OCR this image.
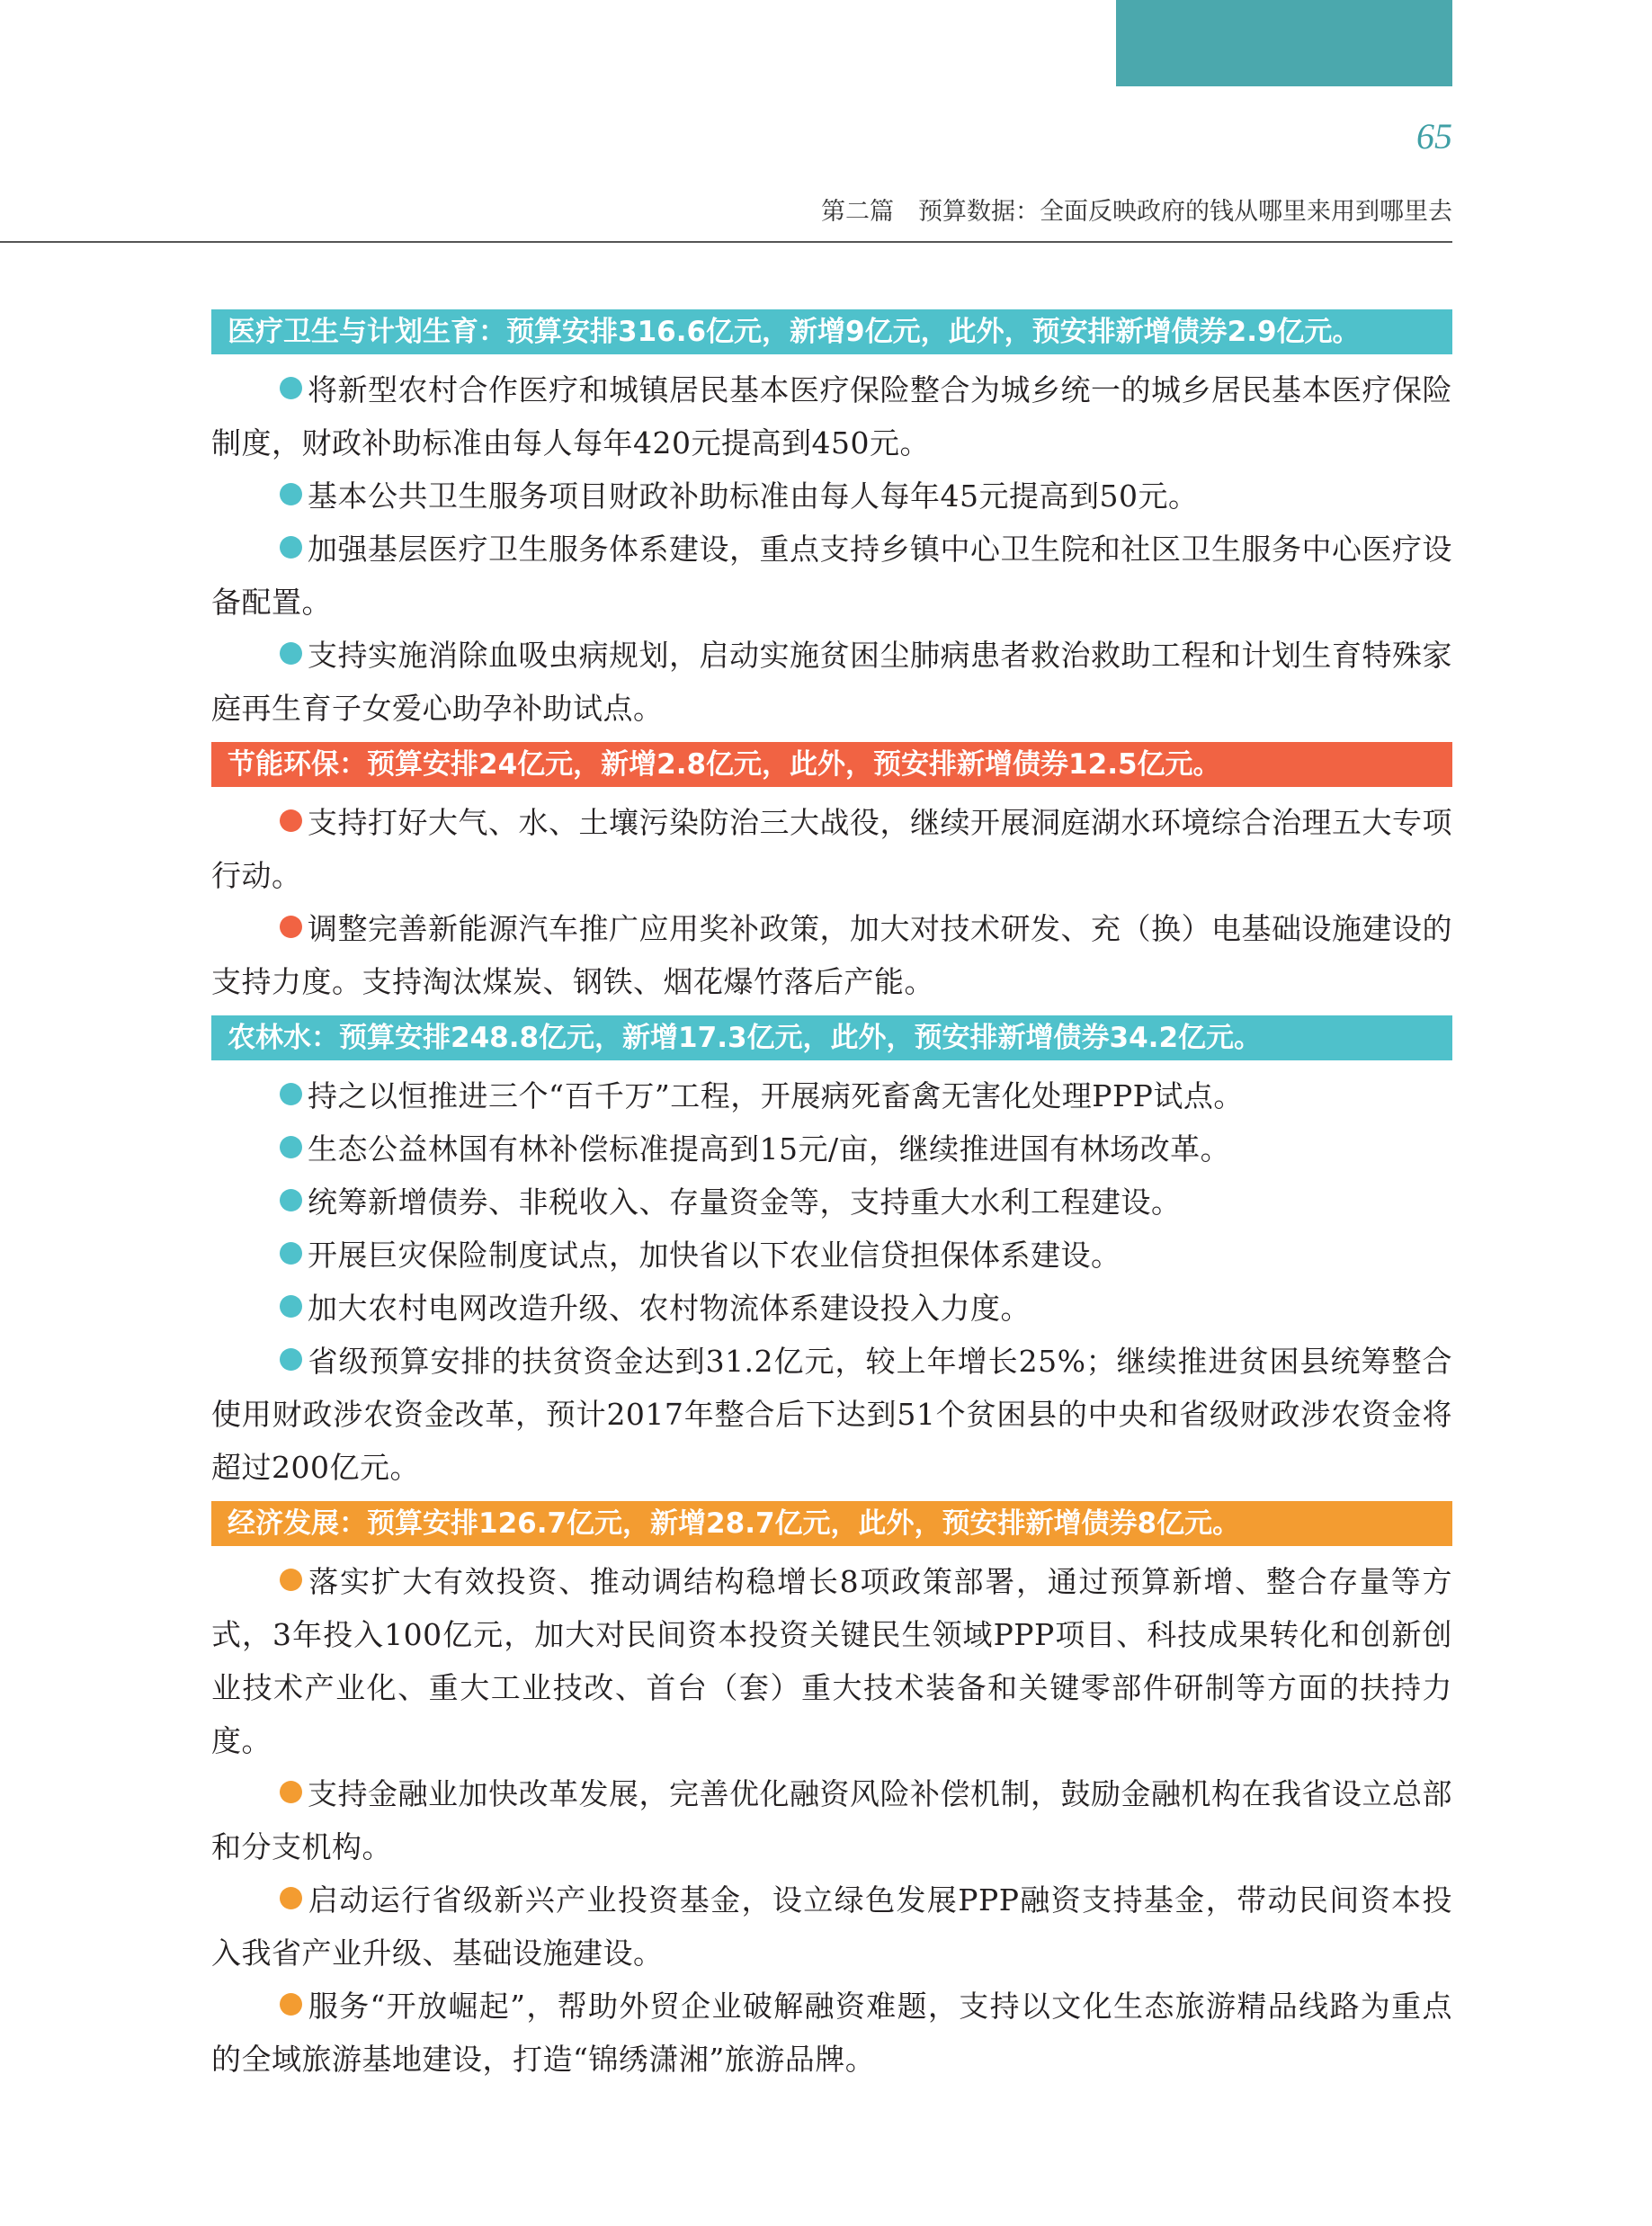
65
第二篇　预算数据：全面反映政府的钱从哪里来用到哪里去
医疗卫生与计划生育：预算安排316.6亿元，新增9亿元，此外，预安排新增债券2.9亿元。

将新型农村合作医疗和城镇居民基本医疗保险整合为城乡统一的城乡居民基本医疗保险制度，财政补助标准由每人每年420元提高到450元。

基本公共卫生服务项目财政补助标准由每人每年45元提高到50元。

加强基层医疗卫生服务体系建设，重点支持乡镇中心卫生院和社区卫生服务中心医疗设备配置。

支持实施消除血吸虫病规划，启动实施贫困尘肺病患者救治救助工程和计划生育特殊家庭再生育子女爱心助孕补助试点。

节能环保：预算安排24亿元，新增2.8亿元，此外，预安排新增债券12.5亿元。

支持打好大气、水、土壤污染防治三大战役，继续开展洞庭湖水环境综合治理五大专项行动。

调整完善新能源汽车推广应用奖补政策，加大对技术研发、充（换）电基础设施建设的支持力度。支持淘汰煤炭、钢铁、烟花爆竹落后产能。

农林水：预算安排248.8亿元，新增17.3亿元，此外，预安排新增债券34.2亿元。

持之以恒推进三个“百千万”工程，开展病死畜禽无害化处理PPP试点。

生态公益林国有林补偿标准提高到15元/亩，继续推进国有林场改革。

统筹新增债券、非税收入、存量资金等，支持重大水利工程建设。

开展巨灾保险制度试点，加快省以下农业信贷担保体系建设。

加大农村电网改造升级、农村物流体系建设投入力度。

省级预算安排的扶贫资金达到31.2亿元，较上年增长25%；继续推进贫困县统筹整合使用财政涉农资金改革，预计2017年整合后下达到51个贫困县的中央和省级财政涉农资金将超过200亿元。

经济发展：预算安排126.7亿元，新增28.7亿元，此外，预安排新增债券8亿元。

落实扩大有效投资、推动调结构稳增长8项政策部署，通过预算新增、整合存量等方式，3年投入100亿元，加大对民间资本投资关键民生领域PPP项目、科技成果转化和创新创业技术产业化、重大工业技改、首台（套）重大技术装备和关键零部件研制等方面的扶持力度。

支持金融业加快改革发展，完善优化融资风险补偿机制，鼓励金融机构在我省设立总部和分支机构。

启动运行省级新兴产业投资基金，设立绿色发展PPP融资支持基金，带动民间资本投入我省产业升级、基础设施建设。

服务“开放崛起”，帮助外贸企业破解融资难题，支持以文化生态旅游精品线路为重点的全域旅游基地建设，打造“锦绣潇湘”旅游品牌。
